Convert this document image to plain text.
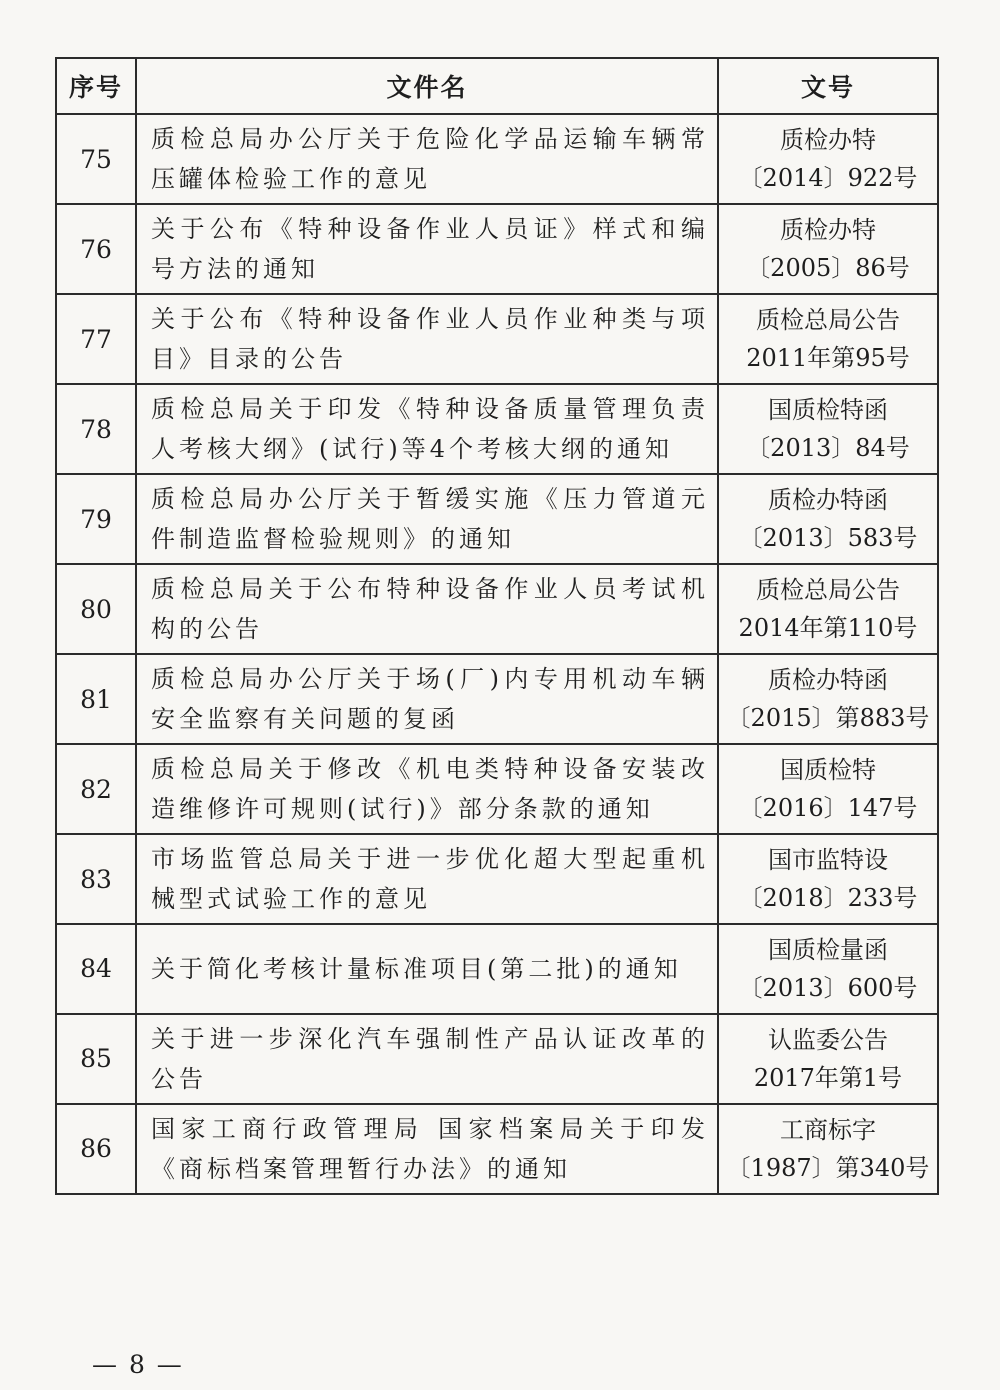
序号	文件名	文号
75	质检总局办公厅关于危险化学品运输车辆常压罐体检验工作的意见	质检办特
〔2014〕922号

76	关于公布《特种设备作业人员证》样式和编号方法的通知	质检办特
〔2005〕86号

77	关于公布《特种设备作业人员作业种类与项目》目录的公告	质检总局公告
2011年第95号

78	质检总局关于印发《特种设备质量管理负责人考核大纲》(试行)等4个考核大纲的通知	国质检特函
〔2013〕84号

79	质检总局办公厅关于暂缓实施《压力管道元件制造监督检验规则》的通知	质检办特函
〔2013〕583号

80	质检总局关于公布特种设备作业人员考试机构的公告	质检总局公告
2014年第110号

81	质检总局办公厅关于场(厂)内专用机动车辆安全监察有关问题的复函	质检办特函
〔2015〕第883号

82	质检总局关于修改《机电类特种设备安装改造维修许可规则(试行)》部分条款的通知	国质检特
〔2016〕147号

83	市场监管总局关于进一步优化超大型起重机械型式试验工作的意见	国市监特设
〔2018〕233号

84	关于简化考核计量标准项目(第二批)的通知	国质检量函
〔2013〕600号

85	关于进一步深化汽车强制性产品认证改革的公告	认监委公告
2017年第1号

86	国家工商行政管理局 国家档案局关于印发《商标档案管理暂行办法》的通知	工商标字
〔1987〕第340号
— 8 —
